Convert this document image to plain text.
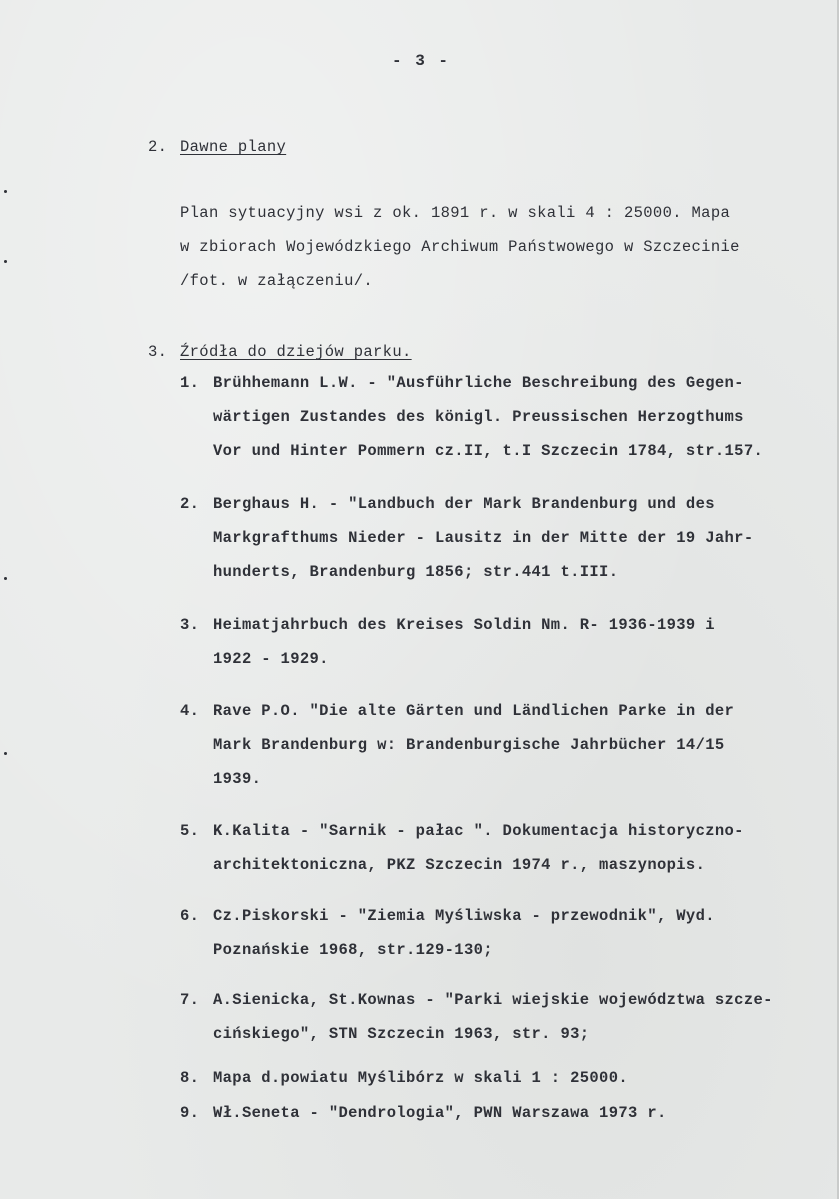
- 3 -
2. Dawne plany
Plan sytuacyjny wsi z ok. 1891 r. w skali 4 : 25000. Mapa
w zbiorach Wojewódzkiego Archiwum Państwowego w Szczecinie
/fot. w załączeniu/.
3. Źródła do dziejów parku.
1. Brühhemann L.W. - "Ausführliche Beschreibung des Gegen-
wärtigen Zustandes des königl. Preussischen Herzogthums
Vor und Hinter Pommern cz.II, t.I Szczecin 1784, str.157.
2. Berghaus H. - "Landbuch der Mark Brandenburg und des
Markgrafthums Nieder - Lausitz in der Mitte der 19 Jahr-
hunderts, Brandenburg 1856; str.441 t.III.
3. Heimatjahrbuch des Kreises Soldin Nm. R- 1936-1939 i
1922 - 1929.
4. Rave P.O. "Die alte Gärten und Ländlichen Parke in der
Mark Brandenburg w: Brandenburgische Jahrbücher 14/15
1939.
5. K.Kalita - "Sarnik - pałac ". Dokumentacja historyczno-
architektoniczna, PKZ Szczecin 1974 r., maszynopis.
6. Cz.Piskorski - "Ziemia Myśliwska - przewodnik", Wyd.
Poznańskie 1968, str.129-130;
7. A.Sienicka, St.Kownas - "Parki wiejskie województwa szcze-
cińskiego", STN Szczecin 1963, str. 93;
8. Mapa d.powiatu Myślibórz w skali 1 : 25000.
9. Wł.Seneta - "Dendrologia", PWN Warszawa 1973 r.
